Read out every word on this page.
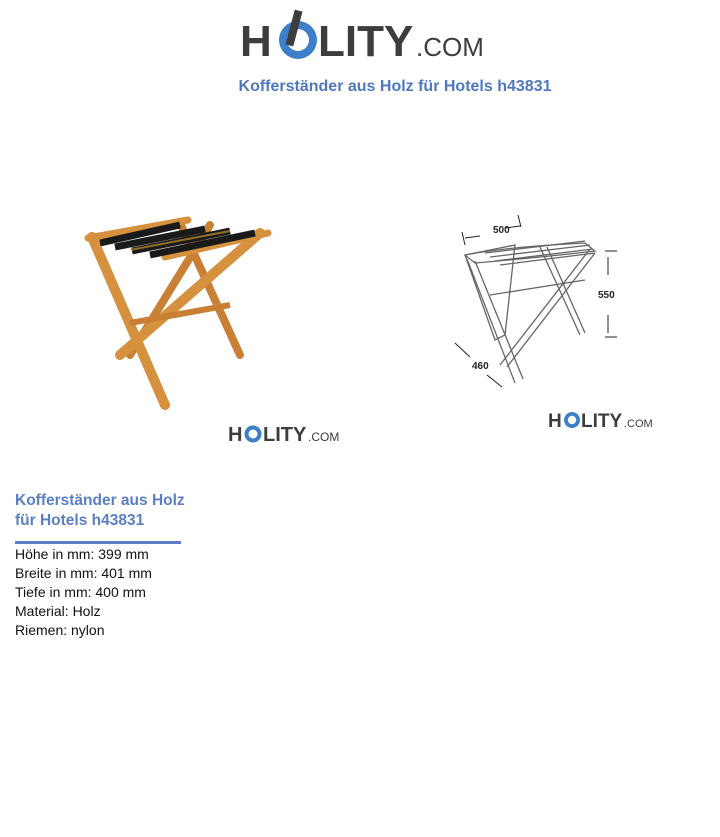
H LITY .COM
HOLITY.COM
Kofferständer aus Holz für Hotels h43831
500
550
460
H LITY .COM
HOLITY.COM	H LITY .COM
HOLITY.COM
Kofferständer aus Holz
für Hotels h43831
Höhe in mm: 399 mm
Breite in mm: 401 mm
Tiefe in mm: 400 mm
Material: Holz
Riemen: nylon
